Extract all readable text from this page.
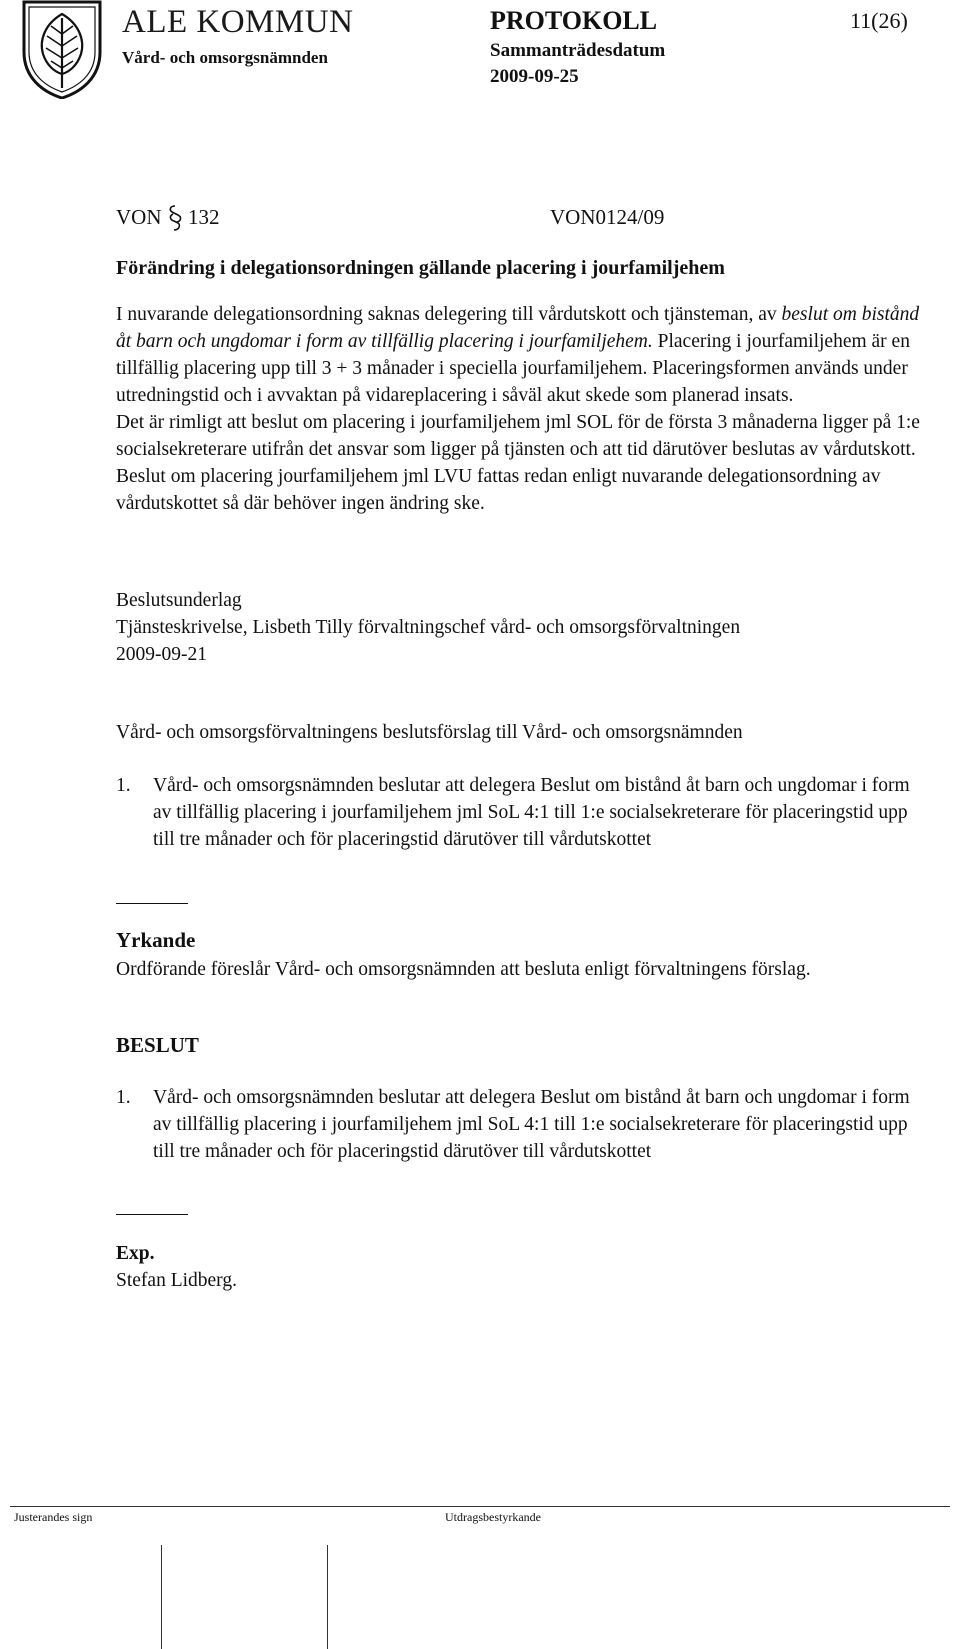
ALE KOMMUN
Vård- och omsorgsnämnden
PROTOKOLL
Sammanträdesdatum
2009-09-25
11(26)
VON 132	VON0124/09
Förändring i delegationsordningen gällande placering i jourfamiljehem

I nuvarande delegationsordning saknas delegering till vårdutskott och tjänsteman, av beslut om bistånd åt barn och ungdomar i form av tillfällig placering i jourfamiljehem. Placering i jourfamiljehem är en tillfällig placering upp till 3 + 3 månader i speciella jourfamiljehem. Placeringsformen används under utredningstid och i avvaktan på vidareplacering i såväl akut skede som planerad insats.

Det är rimligt att beslut om placering i jourfamiljehem jml SOL för de första 3 månaderna ligger på 1:e socialsekreterare utifrån det ansvar som ligger på tjänsten och att tid därutöver beslutas av vårdutskott.

Beslut om placering jourfamiljehem jml LVU fattas redan enligt nuvarande delegationsordning av vårdutskottet så där behöver ingen ändring ske.

Beslutsunderlag
Tjänsteskrivelse, Lisbeth Tilly förvaltningschef vård- och omsorgsförvaltningen
2009-09-21
Vård- och omsorgsförvaltningens beslutsförslag till Vård- och omsorgsnämnden
1. Vård- och omsorgsnämnden beslutar att delegera Beslut om bistånd åt barn och ungdomar i form av tillfällig placering i jourfamiljehem jml SoL 4:1 till 1:e socialsekreterare för placeringstid upp till tre månader och för placeringstid därutöver till vårdutskottet
Yrkande
Ordförande föreslår Vård- och omsorgsnämnden att besluta enligt förvaltningens förslag.
BESLUT
1. Vård- och omsorgsnämnden beslutar att delegera Beslut om bistånd åt barn och ungdomar i form av tillfällig placering i jourfamiljehem jml SoL 4:1 till 1:e socialsekreterare för placeringstid upp till tre månader och för placeringstid därutöver till vårdutskottet
Exp.
Stefan Lidberg.
Justerandes sign	Utdragsbestyrkande
